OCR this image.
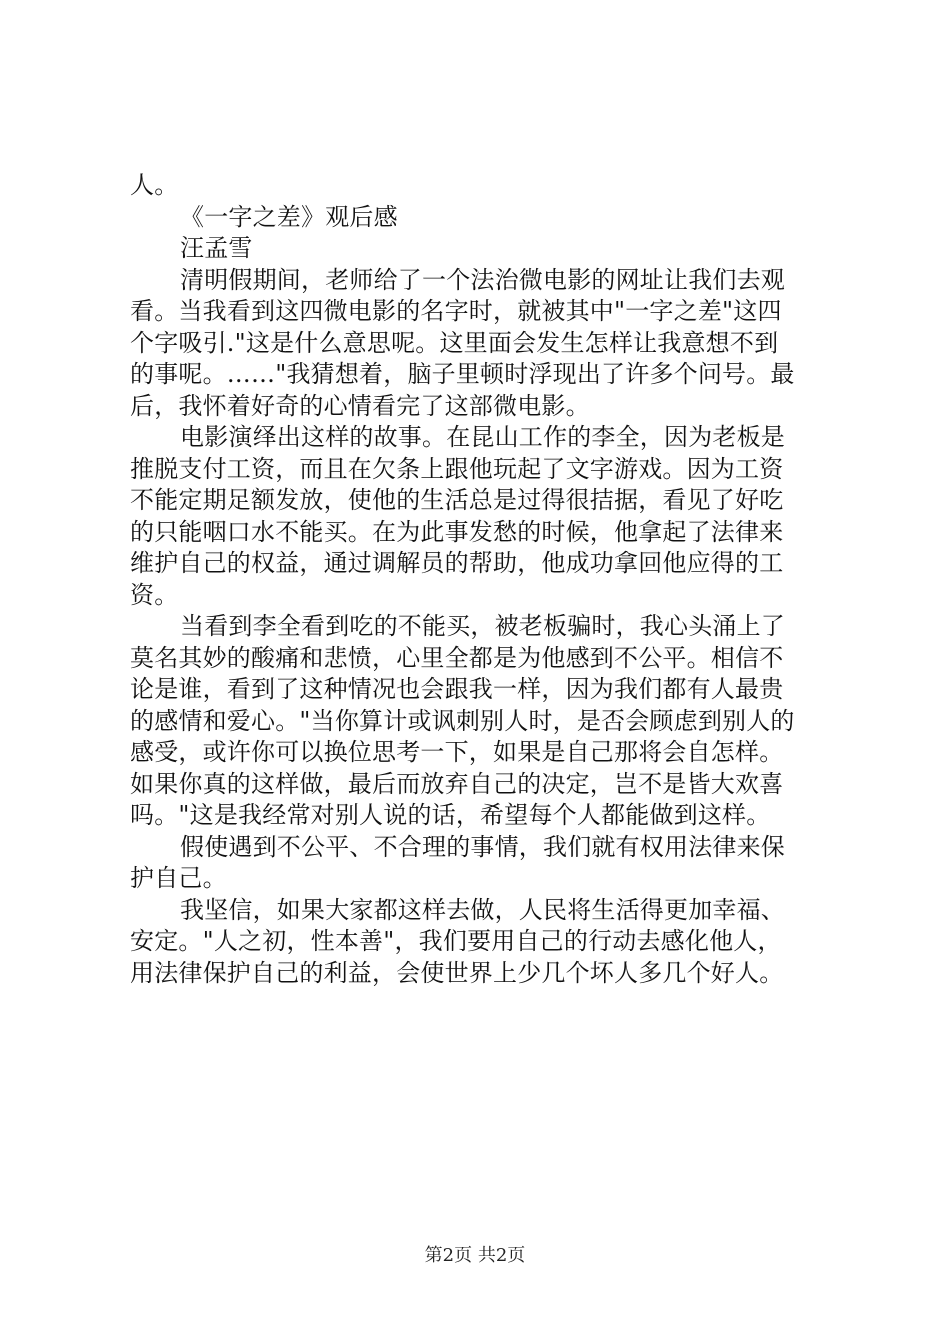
人。
《一字之差》观后感
汪孟雪
清明假期间，老师给了一个法治微电影的网址让我们去观
看。当我看到这四微电影的名字时，就被其中"一字之差"这四
个字吸引."这是什么意思呢。这里面会发生怎样让我意想不到
的事呢。……"我猜想着，脑子里顿时浮现出了许多个问号。最
后，我怀着好奇的心情看完了这部微电影。
电影演绎出这样的故事。在昆山工作的李全，因为老板是
推脱支付工资，而且在欠条上跟他玩起了文字游戏。因为工资
不能定期足额发放，使他的生活总是过得很拮据，看见了好吃
的只能咽口水不能买。在为此事发愁的时候，他拿起了法律来
维护自己的权益，通过调解员的帮助，他成功拿回他应得的工
资。
当看到李全看到吃的不能买，被老板骗时，我心头涌上了
莫名其妙的酸痛和悲愤，心里全都是为他感到不公平。相信不
论是谁，看到了这种情况也会跟我一样，因为我们都有人最贵
的感情和爱心。"当你算计或讽刺别人时，是否会顾虑到别人的
感受，或许你可以换位思考一下，如果是自己那将会自怎样。
如果你真的这样做，最后而放弃自己的决定，岂不是皆大欢喜
吗。"这是我经常对别人说的话，希望每个人都能做到这样。
假使遇到不公平、不合理的事情，我们就有权用法律来保
护自己。
我坚信，如果大家都这样去做，人民将生活得更加幸福、
安定。"人之初，性本善"，我们要用自己的行动去感化他人，
用法律保护自己的利益，会使世界上少几个坏人多几个好人。
第2页 共2页
